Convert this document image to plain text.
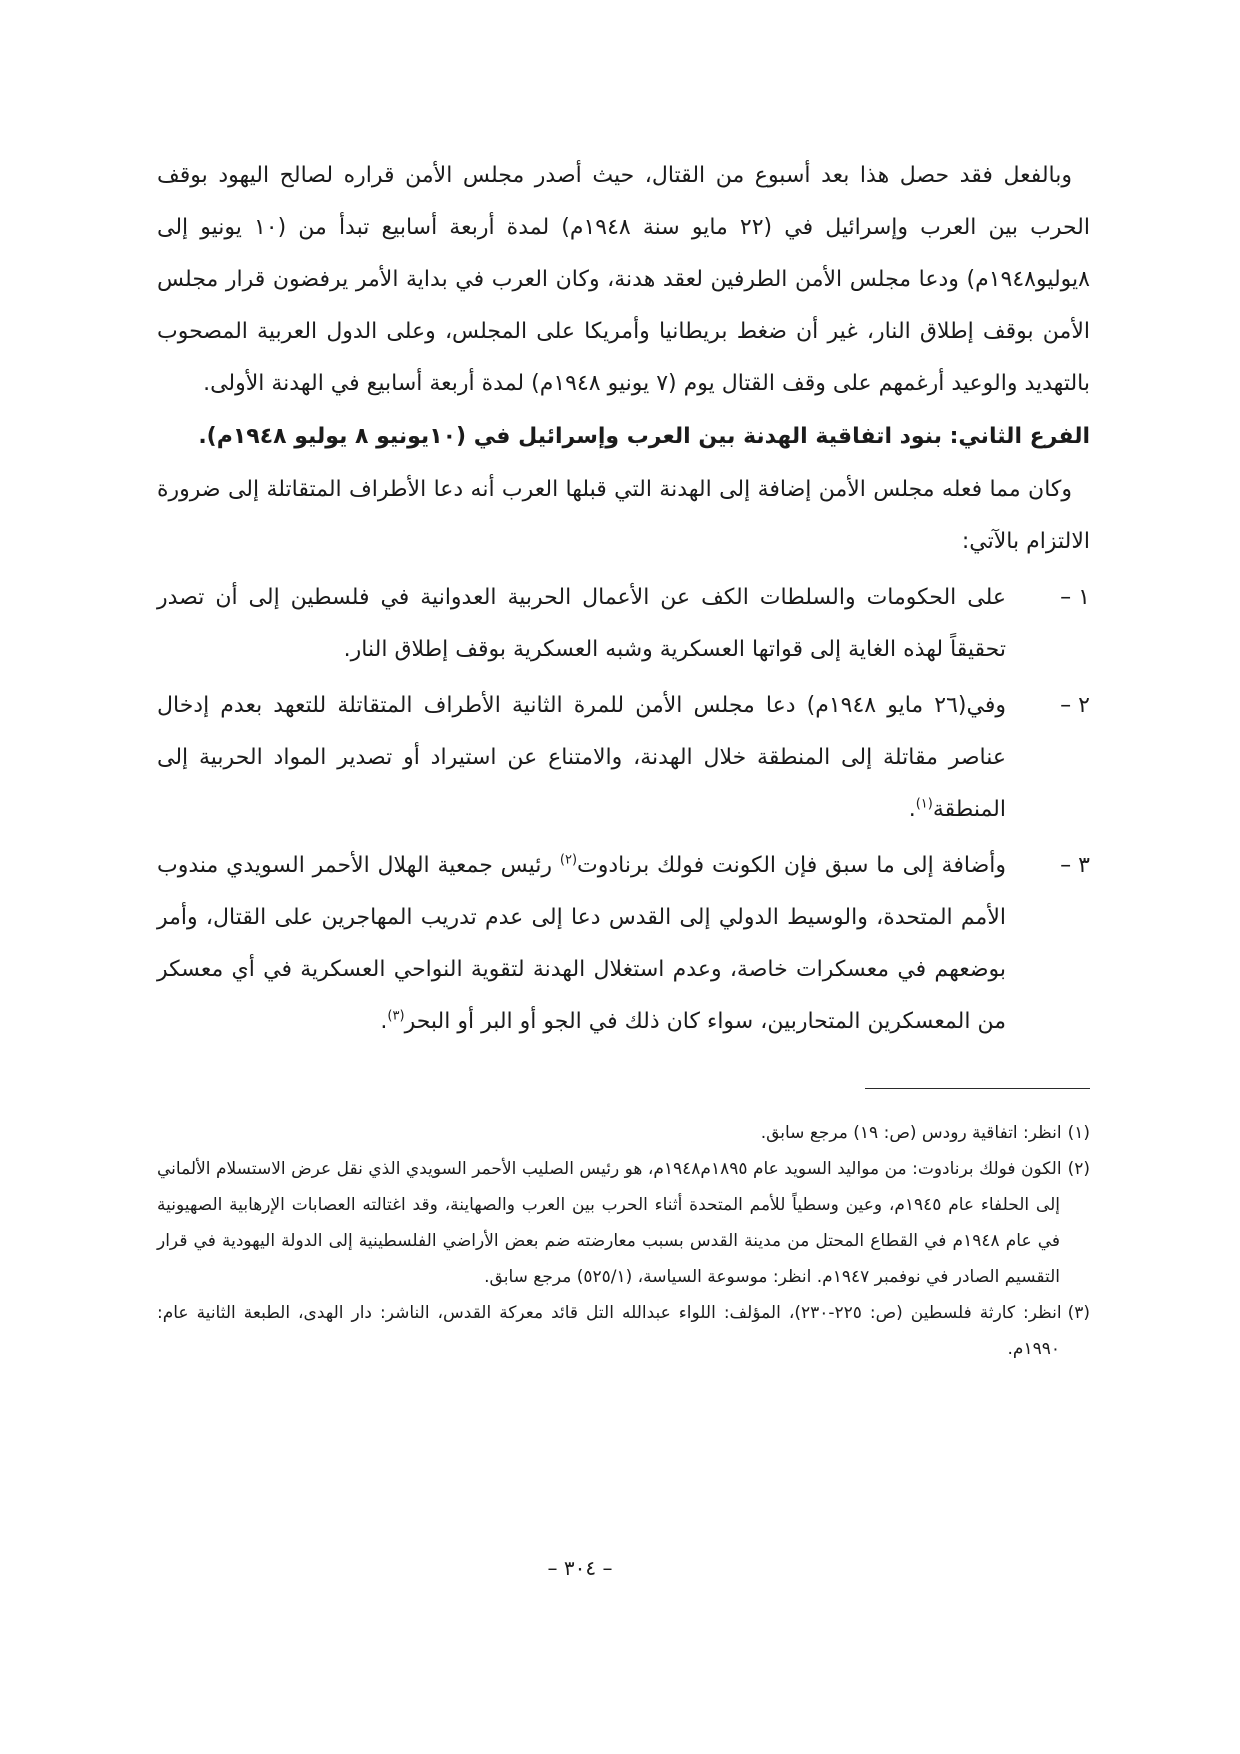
وبالفعل فقد حصل هذا بعد أسبوع من القتال، حيث أصدر مجلس الأمن قراره لصالح اليهود بوقف الحرب بين العرب وإسرائيل في (٢٢ مايو سنة ١٩٤٨م) لمدة أربعة أسابيع تبدأ من (١٠ يونيو إلى ٨يوليو١٩٤٨م) ودعا مجلس الأمن الطرفين لعقد هدنة، وكان العرب في بداية الأمر يرفضون قرار مجلس الأمن بوقف إطلاق النار، غير أن ضغط بريطانيا وأمريكا على المجلس، وعلى الدول العربية المصحوب بالتهديد والوعيد أرغمهم على وقف القتال يوم (٧ يونيو ١٩٤٨م) لمدة أربعة أسابيع في الهدنة الأولى.

الفرع الثاني: بنود اتفاقية الهدنة بين العرب وإسرائيل في (١٠يونيو ٨ يوليو ١٩٤٨م).

وكان مما فعله مجلس الأمن إضافة إلى الهدنة التي قبلها العرب أنه دعا الأطراف المتقاتلة إلى ضرورة الالتزام بالآتي:

١ –
على الحكومات والسلطات الكف عن الأعمال الحربية العدوانية في فلسطين إلى أن تصدر تحقيقاً لهذه الغاية إلى قواتها العسكرية وشبه العسكرية بوقف إطلاق النار.
٢ –
وفي(٢٦ مايو ١٩٤٨م) دعا مجلس الأمن للمرة الثانية الأطراف المتقاتلة للتعهد بعدم إدخال عناصر مقاتلة إلى المنطقة خلال الهدنة، والامتناع عن استيراد أو تصدير المواد الحربية إلى المنطقة$^{(١)}$.
٣ –
وأضافة إلى ما سبق فإن الكونت فولك برنادوت$^{(٢)}$ رئيس جمعية الهلال الأحمر السويدي مندوب الأمم المتحدة، والوسيط الدولي إلى القدس دعا إلى عدم تدريب المهاجرين على القتال، وأمر بوضعهم في معسكرات خاصة، وعدم استغلال الهدنة لتقوية النواحي العسكرية في أي معسكر من المعسكرين المتحاربين، سواء كان ذلك في الجو أو البر أو البحر$^{(٣)}$.

(١)انظر: اتفاقية رودس (ص: ١٩) مرجع سابق.

(٢)الكون فولك برنادوت: من مواليد السويد عام ١٨٩٥م١٩٤٨م، هو رئيس الصليب الأحمر السويدي الذي نقل عرض الاستسلام الألماني إلى الحلفاء عام ١٩٤٥م، وعين وسطياً للأمم المتحدة أثناء الحرب بين العرب والصهاينة، وقد اغتالته العصابات الإرهابية الصهيونية في عام ١٩٤٨م في القطاع المحتل من مدينة القدس بسبب معارضته ضم بعض الأراضي الفلسطينية إلى الدولة اليهودية في قرار التقسيم الصادر في نوفمبر ١٩٤٧م. انظر: موسوعة السياسة، (٥٢٥/١) مرجع سابق.

(٣)انظر: كارثة فلسطين (ص: ٢٢٥-٢٣٠)، المؤلف: اللواء عبدالله التل قائد معركة القدس، الناشر: دار الهدى، الطبعة الثانية عام: ١٩٩٠م.

– ٣٠٤ –
